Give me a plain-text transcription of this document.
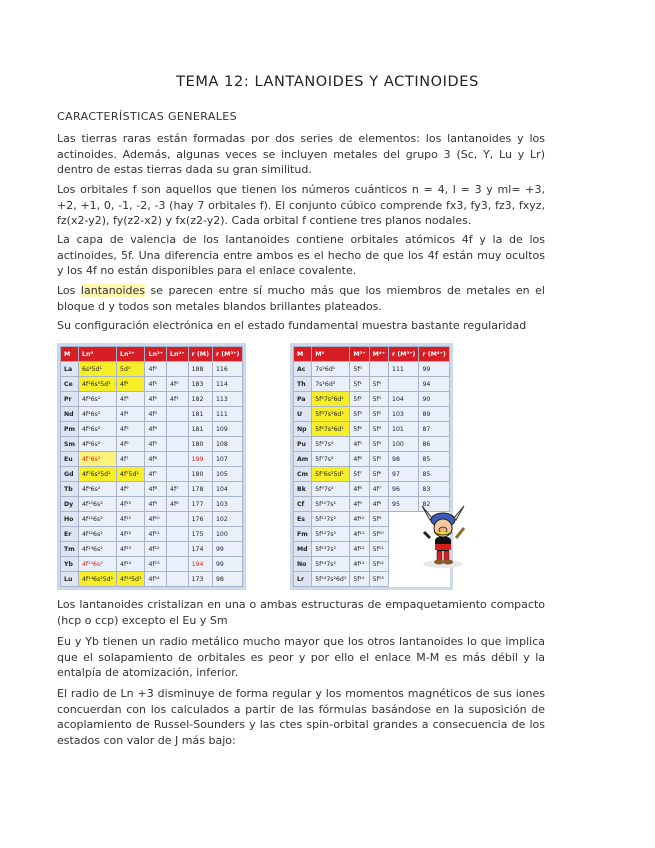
TEMA 12: LANTANOIDES Y ACTINOIDES
CARACTERÍSTICAS GENERALES

Las tierras raras están formadas por dos series de elementos: los lantanoides y los actinoides. Además, algunas veces se incluyen metales del grupo 3 (Sc, Y, Lu y Lr) dentro de estas tierras dada su gran similitud.

Los orbitales f son aquellos que tienen los números cuánticos n = 4, l = 3 y ml= +3, +2, +1, 0, -1, -2, -3 (hay 7 orbitales f). El conjunto cúbico comprende fx3, fy3, fz3, fxyz, fz(x2-y2), fy(z2-x2) y fx(z2-y2). Cada orbital f contiene tres planos nodales.

La capa de valencia de los lantanoides contiene orbitales atómicos 4f y la de los actinoides, 5f. Una diferencia entre ambos es el hecho de que los 4f están muy ocultos y los 4f no están disponibles para el enlace covalente.

Los lantanoides se parecen entre sí mucho más que los miembros de metales en el bloque d y todos son metales blandos brillantes plateados.

Su configuración electrónica en el estado fundamental muestra bastante regularidad

M	Ln⁰	Ln²⁺	Ln³⁺	Ln⁴⁺	r (M)	r (M³⁺)
La	6s²5d¹	5d¹	4f⁰		188	116
Ce	4f¹6s²5d¹	4f²	4f¹	4f⁰	183	114
Pr	4f³6s²	4f³	4f²	4f¹	182	113
Nd	4f⁴6s²	4f⁴	4f³		181	111
Pm	4f⁵6s²	4f⁵	4f⁴		181	109
Sm	4f⁶6s²	4f⁶	4f⁵		180	108
Eu	4f⁷6s²	4f⁷	4f⁶		199	107
Gd	4f⁷6s²5d¹	4f⁷5d¹	4f⁷		180	105
Tb	4f⁹6s²	4f⁹	4f⁸	4f⁷	178	104
Dy	4f¹⁰6s²	4f¹⁰	4f⁹	4f⁸	177	103
Ho	4f¹¹6s²	4f¹¹	4f¹⁰		176	102
Er	4f¹²6s²	4f¹²	4f¹¹		175	100
Tm	4f¹³6s²	4f¹³	4f¹²		174	99
Yb	4f¹⁴6s²	4f¹⁴	4f¹³		194	99
Lu	4f¹⁴6s²5d¹	4f¹⁴5d¹	4f¹⁴		173	98
M	M⁰	M³⁺	M⁴⁺	r (M³⁺)	r (M⁴⁺)
Ac	7s²6d¹	5f⁰		111	99
Th	7s²6d²	5f¹	5f⁰		94
Pa	5f²7s²6d¹	5f²	5f¹	104	90
U	5f³7s²6d¹	5f³	5f²	103	89
Np	5f⁴7s²6d¹	5f⁴	5f³	101	87
Pu	5f⁶7s²	4f⁵	5f⁴	100	86
Am	5f⁷7s²	4f⁶	5f⁵	98	85
Cm	5f⁷6s²5d¹	5f⁷	5f⁶	97	85
Bk	5f⁹7s²	4f⁸	4f⁷	96	83
Cf	5f¹⁰7s²	4f⁹	4f⁸	95	82
Es	5f¹¹7s²	4f¹⁰	5f⁹		
Fm	5f¹²7s²	4f¹¹	5f¹⁰		
Md	5f¹³7s²	4f¹²	5f¹¹		
No	5f¹⁴7s²	4f¹³	5f¹²		
Lr	5f¹⁴7s²6d¹	5f¹⁴	5f¹³		

Los lantanoides cristalizan en una o ambas estructuras de empaquetamiento compacto (hcp o ccp) excepto el Eu y Sm

Eu y Yb tienen un radio metálico mucho mayor que los otros lantanoides lo que implica que el solapamiento de orbitales es peor y por ello el enlace M-M es más débil y la entalpía de atomización, inferior.

El radio de Ln +3 disminuye de forma regular y los momentos magnéticos de sus iones concuerdan con los calculados a partir de las fórmulas basándose en la suposición de acoplamiento de Russel-Sounders y las ctes spin-orbital grandes a consecuencia de los estados con valor de J más bajo:
